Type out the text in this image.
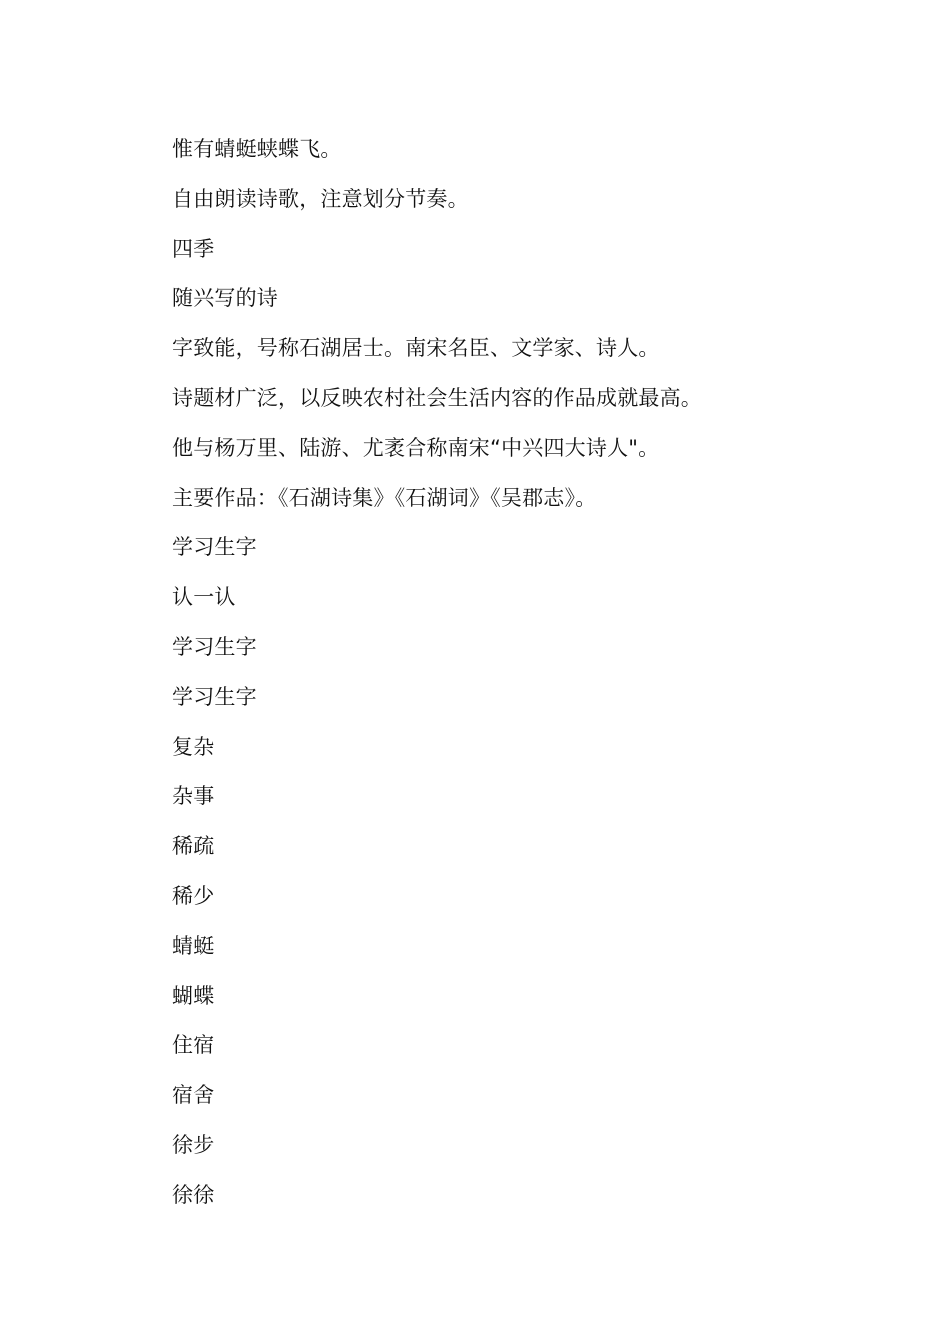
惟有蜻蜓蛱蝶飞。
自由朗读诗歌，注意划分节奏。
四季
随兴写的诗
字致能，号称石湖居士。南宋名臣、文学家、诗人。
诗题材广泛，以反映农村社会生活内容的作品成就最高。
他与杨万里、陆游、尤袤合称南宋“中兴四大诗人"。
主要作品：《石湖诗集》《石湖词》《吴郡志》。
学习生字
认一认
学习生字
学习生字
复杂
杂事
稀疏
稀少
蜻蜓
蝴蝶
住宿
宿舍
徐步
徐徐
